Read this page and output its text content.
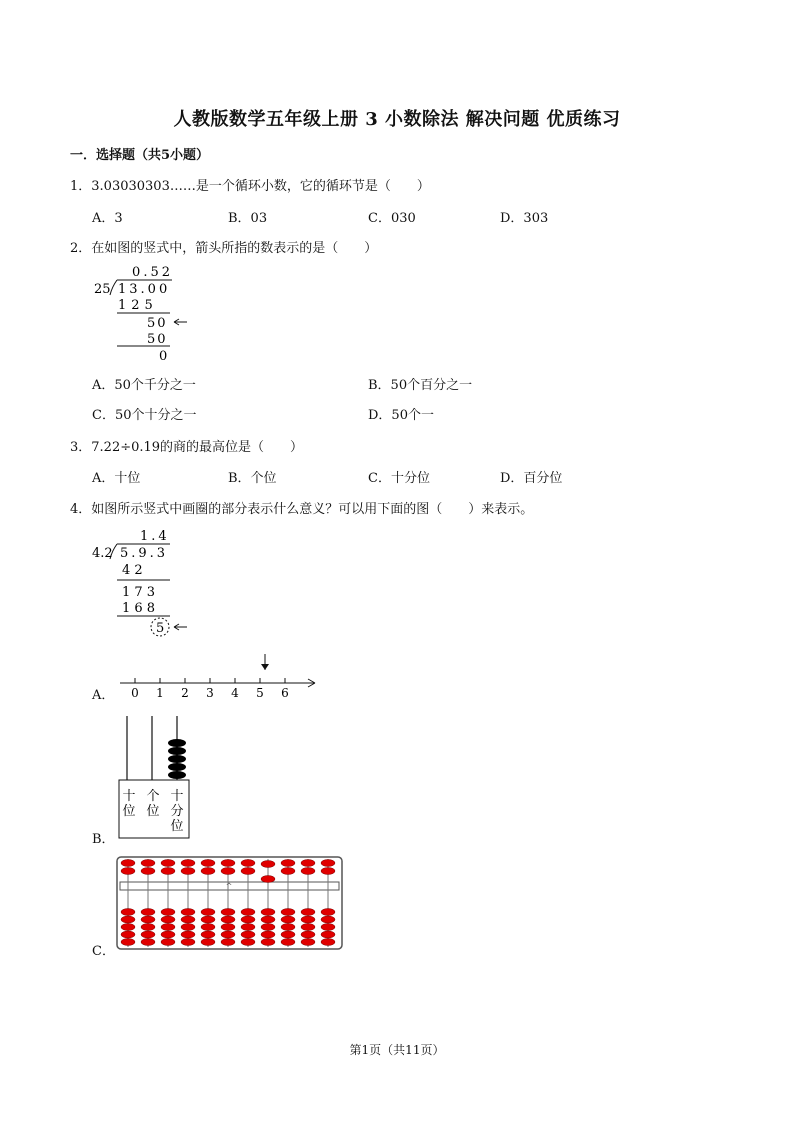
人教版数学五年级上册 3 小数除法 解决问题 优质练习
一．选择题（共5小题）
1．3.03030303……是一个循环小数，它的循环节是（　　）
A．3	B．03	C．030	D．303
2．在如图的竖式中，箭头所指的数表示的是（　　）
0.52
25 13.00
125
50
50
0
A．50个千分之一	B．50个百分之一
C．50个十分之一	D．50个一
3．7.22÷0.19的商的最高位是（　　）
A．十位	B．个位	C．十分位	D．百分位
4．如图所示竖式中画圈的部分表示什么意义？可以用下面的图（　　）来表示。
1.4
4.2 5.9.3
4 2
1 7 3
1 6 8
5
A． 0 1 2 3 4 5 6
B．
十
位
个
位
十
分
位
C．
^
第1页（共11页）
